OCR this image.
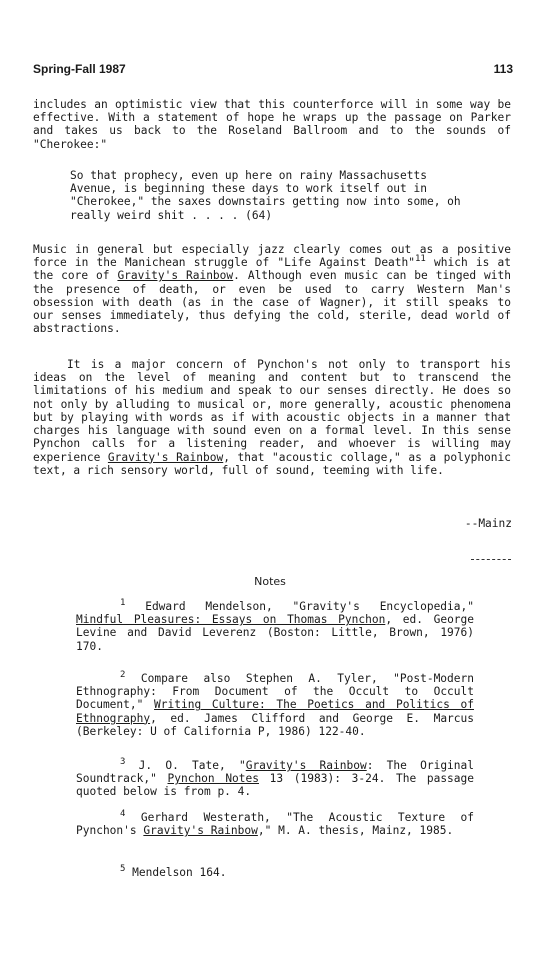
Spring-Fall 1987	113

includes an optimistic view that this counterforce will in some way be effective. With a statement of hope he wraps up the passage on Parker and takes us back to the Roseland Ballroom and to the sounds of "Cherokee:"

So that prophecy, even up here on rainy Massachusetts Avenue, is beginning these days to work itself out in "Cherokee," the saxes downstairs getting now into some, oh really weird shit . . . . (64)

Music in general but especially jazz clearly comes out as a positive force in the Manichean struggle of "Life Against Death"$^{11}$ which is at the core of Gravity's Rainbow. Although even music can be tinged with the presence of death, or even be used to carry Western Man's obsession with death (as in the case of Wagner), it still speaks to our senses immediately, thus defying the cold, sterile, dead world of abstractions.

It is a major concern of Pynchon's not only to transport his ideas on the level of meaning and content but to transcend the limitations of his medium and speak to our senses directly. He does so not only by alluding to musical or, more generally, acoustic phenomena but by playing with words as if with acoustic objects in a manner that charges his language with sound even on a formal level. In this sense Pynchon calls for a listening reader, and whoever is willing may experience Gravity's Rainbow, that "acoustic collage," as a polyphonic text, a rich sensory world, full of sound, teeming with life.

--Mainz
Notes

$^1$ Edward Mendelson, "Gravity's Encyclopedia," Mindful Pleasures: Essays on Thomas Pynchon, ed. George Levine and David Leverenz (Boston: Little, Brown, 1976) 170.

$^2$ Compare also Stephen A. Tyler, "Post-Modern Ethnography: From Document of the Occult to Occult Document," Writing Culture: The Poetics and Politics of Ethnography, ed. James Clifford and George E. Marcus (Berkeley: U of California P, 1986) 122-40.

$^3$ J. O. Tate, "Gravity's Rainbow: The Original Soundtrack," Pynchon Notes 13 (1983): 3-24. The passage quoted below is from p. 4.

$^4$ Gerhard Westerath, "The Acoustic Texture of Pynchon's Gravity's Rainbow," M. A. thesis, Mainz, 1985.

$^5$ Mendelson 164.
